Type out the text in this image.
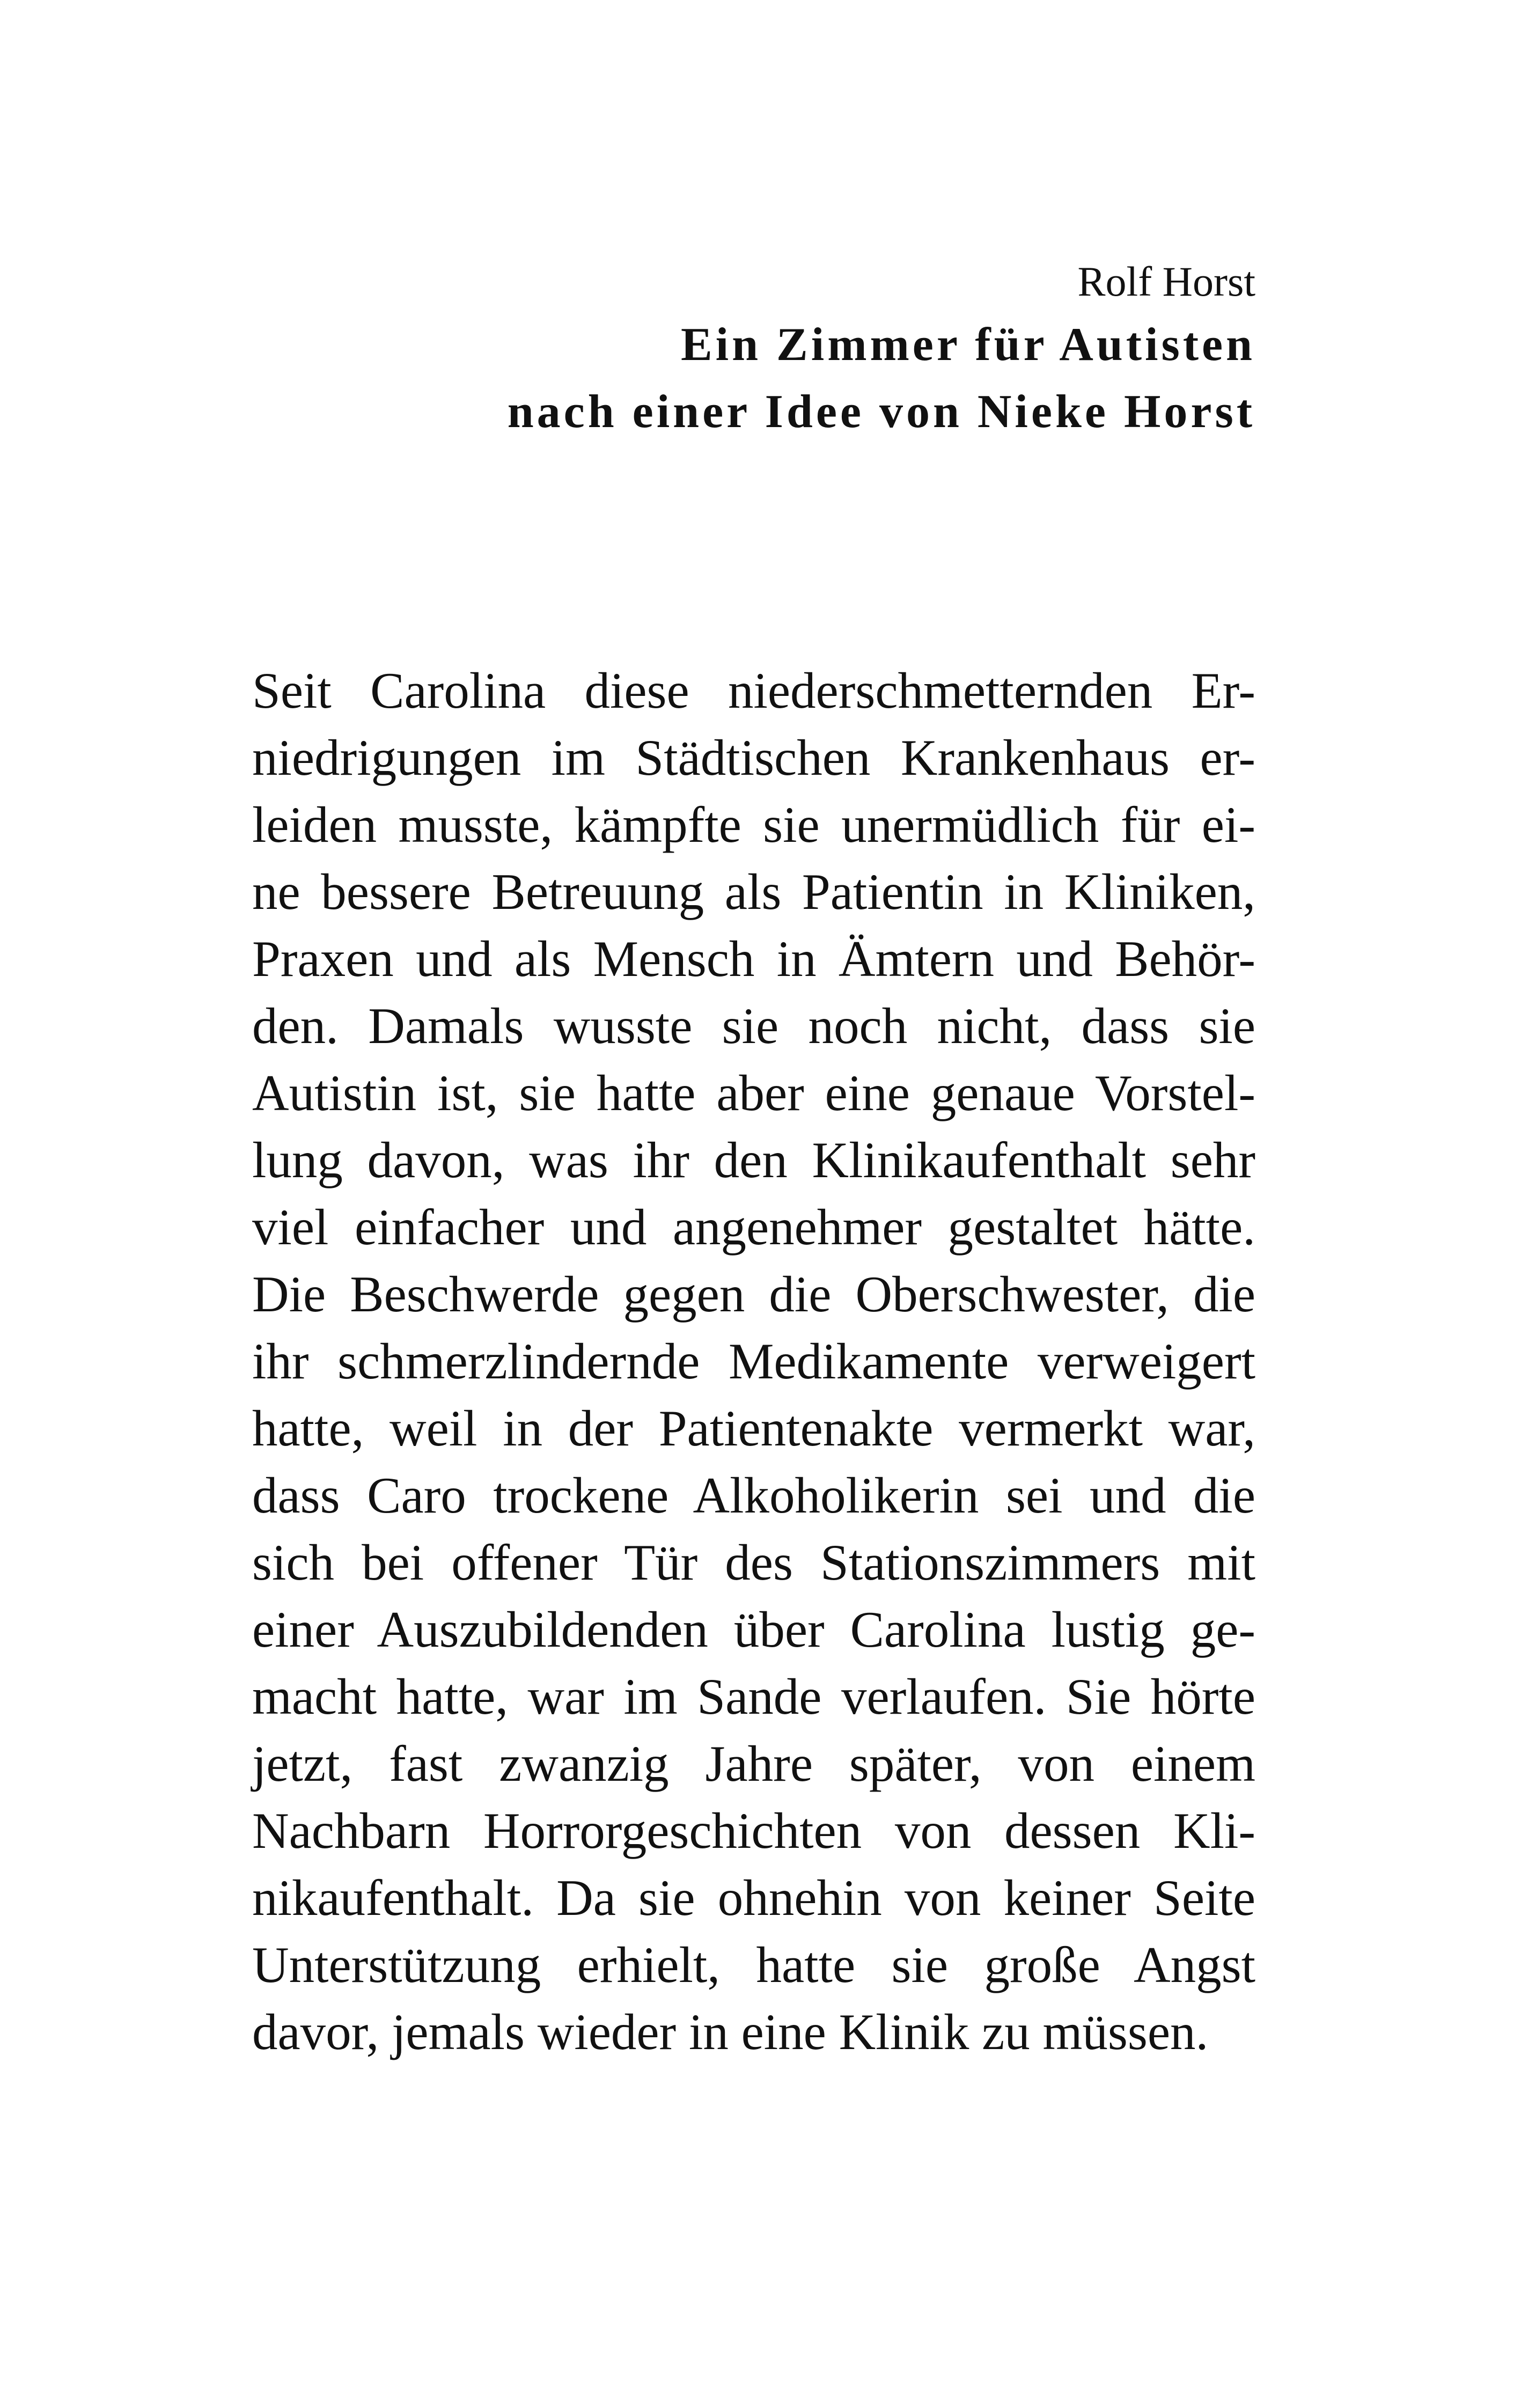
Rolf Horst
Ein Zimmer für Autisten
nach einer Idee von Nieke Horst
Seit Carolina diese niederschmetternden Er-
niedrigungen im Städtischen Krankenhaus er-
leiden musste, kämpfte sie unermüdlich für ei-
ne bessere Betreuung als Patientin in Kliniken,
Praxen und als Mensch in Ämtern und Behör-
den. Damals wusste sie noch nicht, dass sie
Autistin ist, sie hatte aber eine genaue Vorstel-
lung davon, was ihr den Klinikaufenthalt sehr
viel einfacher und angenehmer gestaltet hätte.
Die Beschwerde gegen die Oberschwester, die
ihr schmerzlindernde Medikamente verweigert
hatte, weil in der Patientenakte vermerkt war,
dass Caro trockene Alkoholikerin sei und die
sich bei offener Tür des Stationszimmers mit
einer Auszubildenden über Carolina lustig ge-
macht hatte, war im Sande verlaufen. Sie hörte
jetzt, fast zwanzig Jahre später, von einem
Nachbarn Horrorgeschichten von dessen Kli-
nikaufenthalt. Da sie ohnehin von keiner Seite
Unterstützung erhielt, hatte sie große Angst
davor, jemals wieder in eine Klinik zu müssen.
